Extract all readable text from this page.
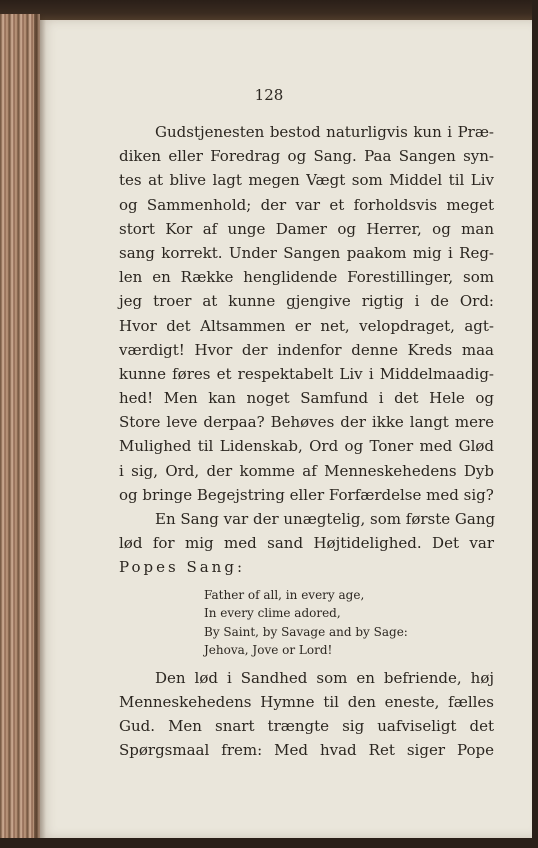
128

Gudstjenesten bestod naturligvis kun i Præ-
diken eller Foredrag og Sang. Paa Sangen syn-
tes at blive lagt megen Vægt som Middel til Liv
og Sammenhold; der var et forholdsvis meget
stort Kor af unge Damer og Herrer, og man
sang korrekt. Under Sangen paakom mig i Reg-
len en Række henglidende Forestillinger, som
jeg troer at kunne gjengive rigtig i de Ord:
Hvor det Altsammen er net, velopdraget, agt-
værdigt! Hvor der indenfor denne Kreds maa
kunne føres et respektabelt Liv i Middelmaadig-
hed! Men kan noget Samfund i det Hele og
Store leve derpaa? Behøves der ikke langt mere
Mulighed til Lidenskab, Ord og Toner med Glød
i sig, Ord, der komme af Menneskehedens Dyb
og bringe Begejstring eller Forfærdelse med sig?
En Sang var der unægtelig, som første Gang
lød for mig med sand Højtidelighed. Det var
Popes Sang:
Father of all, in every age,
In every clime adored,
By Saint, by Savage and by Sage:
Jehova, Jove or Lord!
Den lød i Sandhed som en befriende, høj
Menneskehedens Hymne til den eneste, fælles
Gud. Men snart trængte sig uafviseligt det
Spørgsmaal frem: Med hvad Ret siger Pope
